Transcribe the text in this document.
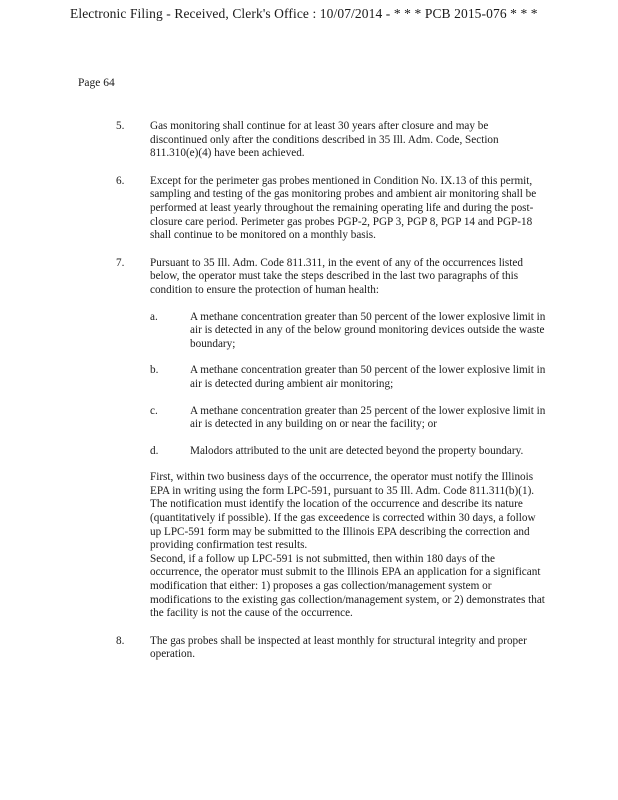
Electronic Filing - Received, Clerk's Office : 10/07/2014 - * * * PCB 2015-076 * * *
Page 64
5.	Gas monitoring shall continue for at least 30 years after closure and may be discontinued only after the conditions described in 35 Ill. Adm. Code, Section 811.310(e)(4) have been achieved.

6.	Except for the perimeter gas probes mentioned in Condition No. IX.13 of this permit, sampling and testing of the gas monitoring probes and ambient air monitoring shall be performed at least yearly throughout the remaining operating life and during the post-closure care period. Perimeter gas probes PGP-2, PGP 3, PGP 8, PGP 14 and PGP-18 shall continue to be monitored on a monthly basis.

7.	Pursuant to 35 Ill. Adm. Code 811.311, in the event of any of the occurrences listed below, the operator must take the steps described in the last two paragraphs of this condition to ensure the protection of human health:

a.	A methane concentration greater than 50 percent of the lower explosive limit in air is detected in any of the below ground monitoring devices outside the waste boundary;
b.	A methane concentration greater than 50 percent of the lower explosive limit in air is detected during ambient air monitoring;
c.	A methane concentration greater than 25 percent of the lower explosive limit in air is detected in any building on or near the facility; or
d.	Malodors attributed to the unit are detected beyond the property boundary.

First, within two business days of the occurrence, the operator must notify the Illinois EPA in writing using the form LPC-591, pursuant to 35 Ill. Adm. Code 811.311(b)(1). The notification must identify the location of the occurrence and describe its nature (quantitatively if possible). If the gas exceedence is corrected within 30 days, a follow up LPC-591 form may be submitted to the Illinois EPA describing the correction and providing confirmation test results.

Second, if a follow up LPC-591 is not submitted, then within 180 days of the occurrence, the operator must submit to the Illinois EPA an application for a significant modification that either: 1) proposes a gas collection/management system or modifications to the existing gas collection/management system, or 2) demonstrates that the facility is not the cause of the occurrence.

8.	The gas probes shall be inspected at least monthly for structural integrity and proper operation.
